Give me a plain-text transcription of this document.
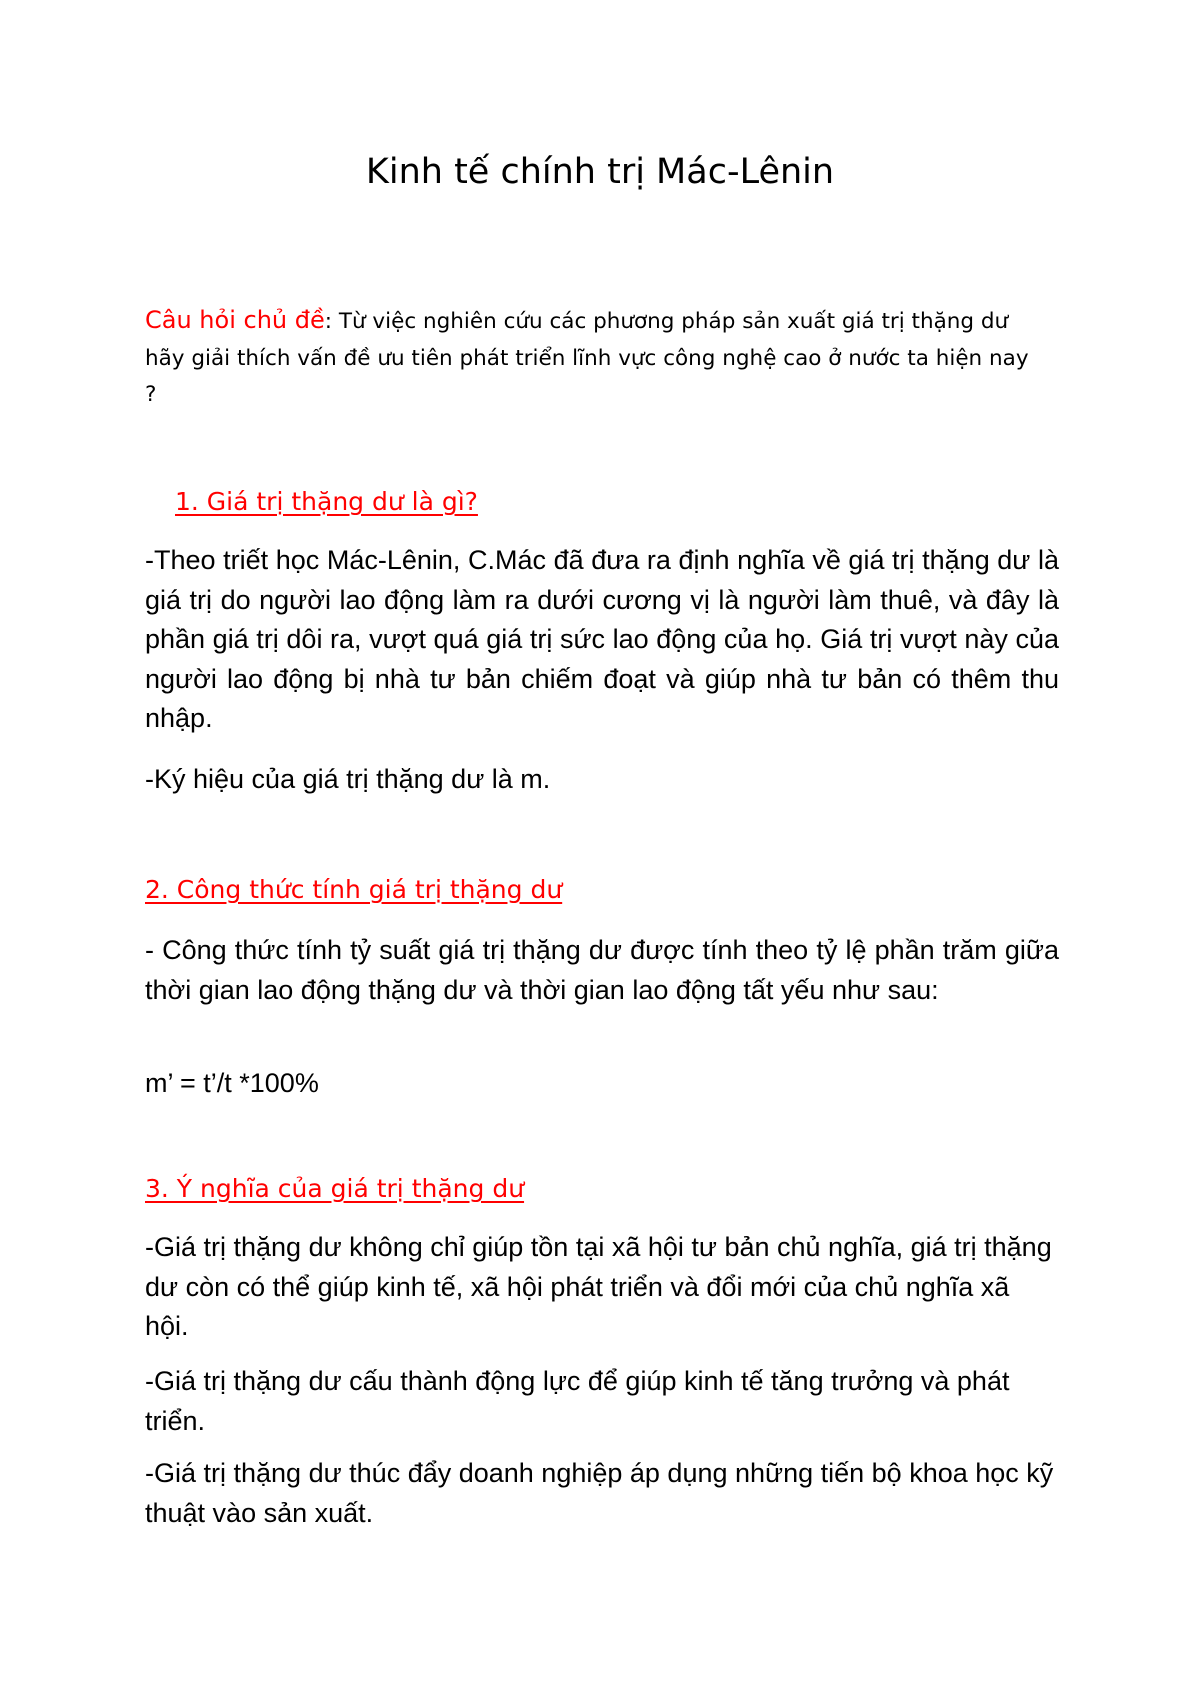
Kinh tế chính trị Mác-Lênin

Câu hỏi chủ đề: Từ việc nghiên cứu các phương pháp sản xuất giá trị thặng dư hãy giải thích vấn đề ưu tiên phát triển lĩnh vực công nghệ cao ở nước ta hiện nay ?

1. Giá trị thặng dư là gì?

-Theo triết học Mác-Lênin, C.Mác đã đưa ra định nghĩa về giá trị thặng dư là giá trị do người lao động làm ra dưới cương vị là người làm thuê, và đây là phần giá trị dôi ra, vượt quá giá trị sức lao động của họ. Giá trị vượt này của người lao động bị nhà tư bản chiếm đoạt và giúp nhà tư bản có thêm thu nhập.

-Ký hiệu của giá trị thặng dư là m.

2. Công thức tính giá trị thặng dư

- Công thức tính tỷ suất giá trị thặng dư được tính theo tỷ lệ phần trăm giữa thời gian lao động thặng dư và thời gian lao động tất yếu như sau:

m’ = t’/t *100%

3. Ý nghĩa của giá trị thặng dư

-Giá trị thặng dư không chỉ giúp tồn tại xã hội tư bản chủ nghĩa, giá trị thặng dư còn có thể giúp kinh tế, xã hội phát triển và đổi mới của chủ nghĩa xã hội.

-Giá trị thặng dư cấu thành động lực để giúp kinh tế tăng trưởng và phát triển.

-Giá trị thặng dư thúc đẩy doanh nghiệp áp dụng những tiến bộ khoa học kỹ thuật vào sản xuất.
